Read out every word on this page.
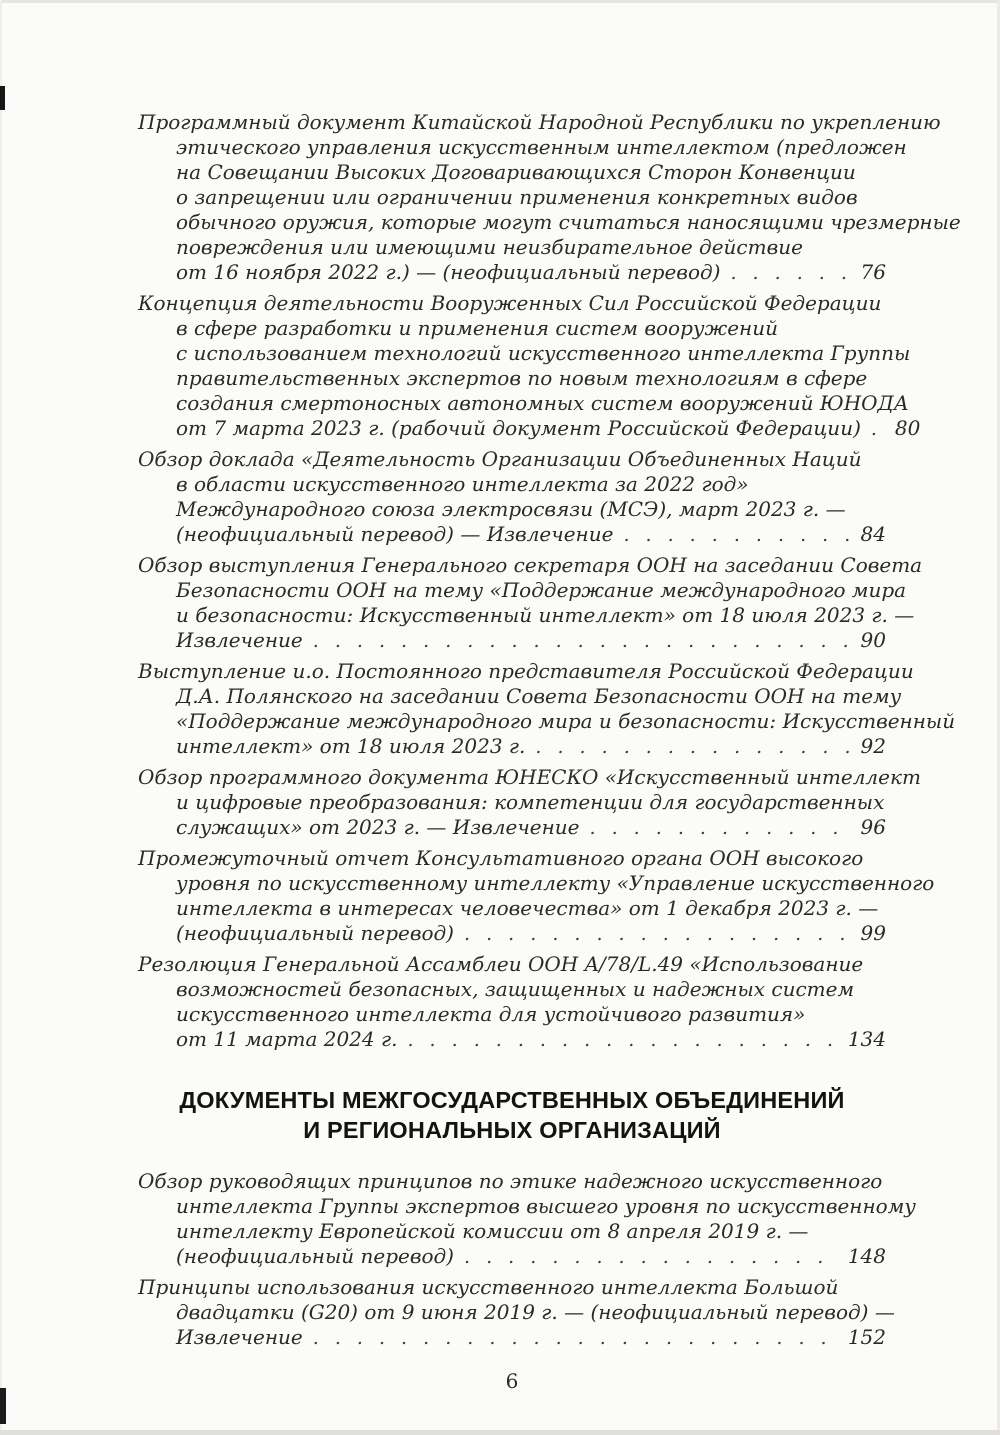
Программный документ Китайской Народной Республики по укреплению
этического управления искусственным интеллектом (предложен
на Совещании Высоких Договаривающихся Сторон Конвенции
о запрещении или ограничении применения конкретных видов
обычного оружия, которые могут считаться наносящими чрезмерные
повреждения или имеющими неизбирательное действие
от 16 ноября 2022 г.) — (неофициальный перевод) . . .	76
Концепция деятельности Вооруженных Сил Российской Федерации
в сфере разработки и применения систем вооружений
с использованием технологий искусственного интеллекта Группы
правительственных экспертов по новым технологиям в сфере
создания смертоносных автономных систем вооружений ЮНОДА
от 7 марта 2023 г. (рабочий документ Российской Федерации) . . . 80
Обзор доклада «Деятельность Организации Объединенных Наций
в области искусственного интеллекта за 2022 год»
Международного союза электросвязи (МСЭ), март 2023 г. —
(неофициальный перевод) — Извлечение . . .	84
Обзор выступления Генерального секретаря ООН на заседании Совета
Безопасности ООН на тему «Поддержание международного мира
и безопасности: Искусственный интеллект» от 18 июля 2023 г. —
Извлечение . . .	90
Выступление и.о. Постоянного представителя Российской Федерации
Д.А. Полянского на заседании Совета Безопасности ООН на тему
«Поддержание международного мира и безопасности: Искусственный
интеллект» от 18 июля 2023 г. . . .	92
Обзор программного документа ЮНЕСКО «Искусственный интеллект
и цифровые преобразования: компетенции для государственных
служащих» от 2023 г. — Извлечение . . .	96
Промежуточный отчет Консультативного органа ООН высокого
уровня по искусственному интеллекту «Управление искусственного
интеллекта в интересах человечества» от 1 декабря 2023 г. —
(неофициальный перевод) . . .	99
Резолюция Генеральной Ассамблеи ООН A/78/L.49 «Использование
возможностей безопасных, защищенных и надежных систем
искусственного интеллекта для устойчивого развития»
от 11 марта 2024 г. . . .	134
ДОКУМЕНТЫ МЕЖГОСУДАРСТВЕННЫХ ОБЪЕДИНЕНИЙ
И РЕГИОНАЛЬНЫХ ОРГАНИЗАЦИЙ
Обзор руководящих принципов по этике надежного искусственного
интеллекта Группы экспертов высшего уровня по искусственному
интеллекту Европейской комиссии от 8 апреля 2019 г. —
(неофициальный перевод) . . .	148
Принципы использования искусственного интеллекта Большой
двадцатки (G20) от 9 июня 2019 г. — (неофициальный перевод) —
Извлечение . . .	152
6
